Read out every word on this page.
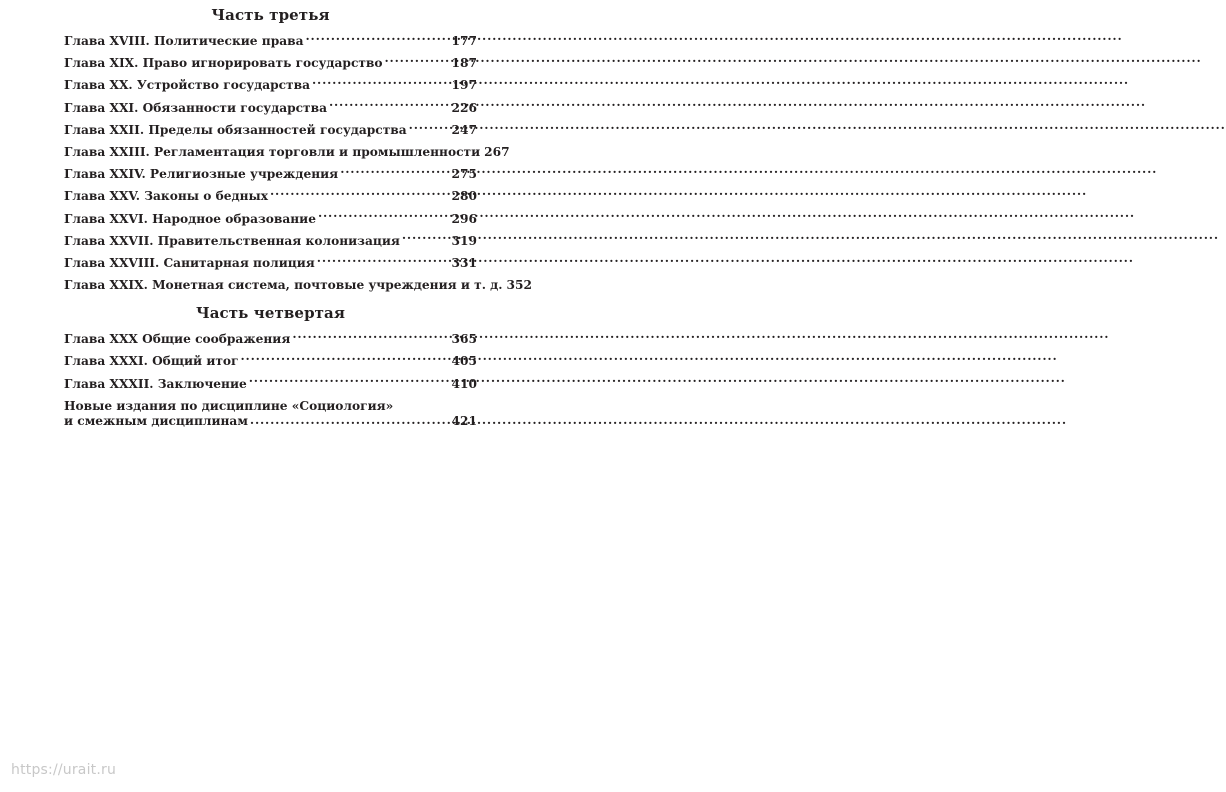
Часть третья
Глава XVIII. Политические права .....	177
Глава XIX. Право игнорировать государство .....	187
Глава XX. Устройство государства .....	197
Глава XXI. Обязанности государства .....	226
Глава XXII. Пределы обязанностей государства .....	247
Глава XXIII. Регламентация торговли и промышленности 267
Глава XXIV. Религиозные учреждения .....	275
Глава XXV. Законы о бедных .....	280
Глава XXVI. Народное образование .....	296
Глава XXVII. Правительственная колонизация .....	319
Глава XXVIII. Санитарная полиция .....	331
Глава XXIX. Монетная система, почтовые учреждения и т. д. 352
Часть четвертая
Глава XXX Общие соображения .....	365
Глава XXXI. Общий итог .....	405
Глава XXXII. Заключение .....	410
Новые издания по дисциплине «Социология»
и смежным дисциплинам .....	421
https://urait.ru
